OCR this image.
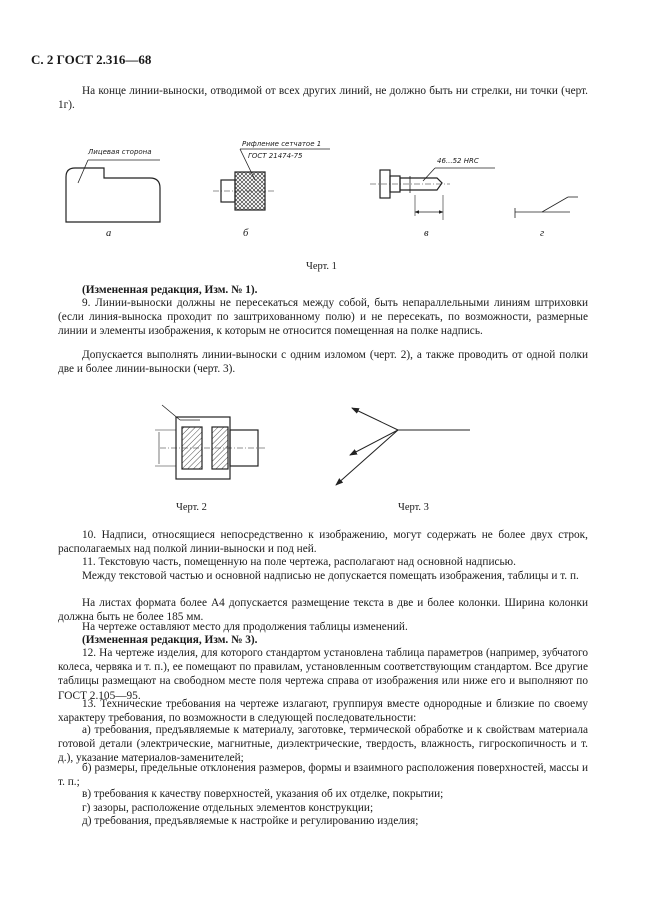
С. 2 ГОСТ 2.316—68

На конце линии-выноски, отводимой от всех других линий, не должно быть ни стрелки, ни точки (черт. 1г).

Лицевая сторона
Рифление сетчатое 1
ГОСТ 21474-75
46...52 HRC
а	б	в	г
Черт. 1

(Измененная редакция, Изм. № 1).

9. Линии-выноски должны не пересекаться между собой, быть непараллельными линиям штриховки (если линия-выноска проходит по заштрихованному полю) и не пересекать, по возможности, размерные линии и элементы изображения, к которым не относится помещенная на полке надпись.

Допускается выполнять линии-выноски с одним изломом (черт. 2), а также проводить от одной полки две и более линии-выноски (черт. 3).

Черт. 2	Черт. 3

10. Надписи, относящиеся непосредственно к изображению, могут содержать не более двух строк, располагаемых над полкой линии-выноски и под ней.

11. Текстовую часть, помещенную на поле чертежа, располагают над основной надписью.

Между текстовой частью и основной надписью не допускается помещать изображения, таблицы и т. п.

На листах формата более А4 допускается размещение текста в две и более колонки. Ширина колонки должна быть не более 185 мм.

На чертеже оставляют место для продолжения таблицы изменений.

(Измененная редакция, Изм. № 3).

12. На чертеже изделия, для которого стандартом установлена таблица параметров (например, зубчатого колеса, червяка и т. п.), ее помещают по правилам, установленным соответствующим стандартом. Все другие таблицы размещают на свободном месте поля чертежа справа от изображения или ниже его и выполняют по ГОСТ 2.105—95.

13. Технические требования на чертеже излагают, группируя вместе однородные и близкие по своему характеру требования, по возможности в следующей последовательности:

а) требования, предъявляемые к материалу, заготовке, термической обработке и к свойствам материала готовой детали (электрические, магнитные, диэлектрические, твердость, влажность, гигроскопичность и т. д.), указание материалов-заменителей;

б) размеры, предельные отклонения размеров, формы и взаимного расположения поверхностей, массы и т. п.;

в) требования к качеству поверхностей, указания об их отделке, покрытии;

г) зазоры, расположение отдельных элементов конструкции;

д) требования, предъявляемые к настройке и регулированию изделия;
